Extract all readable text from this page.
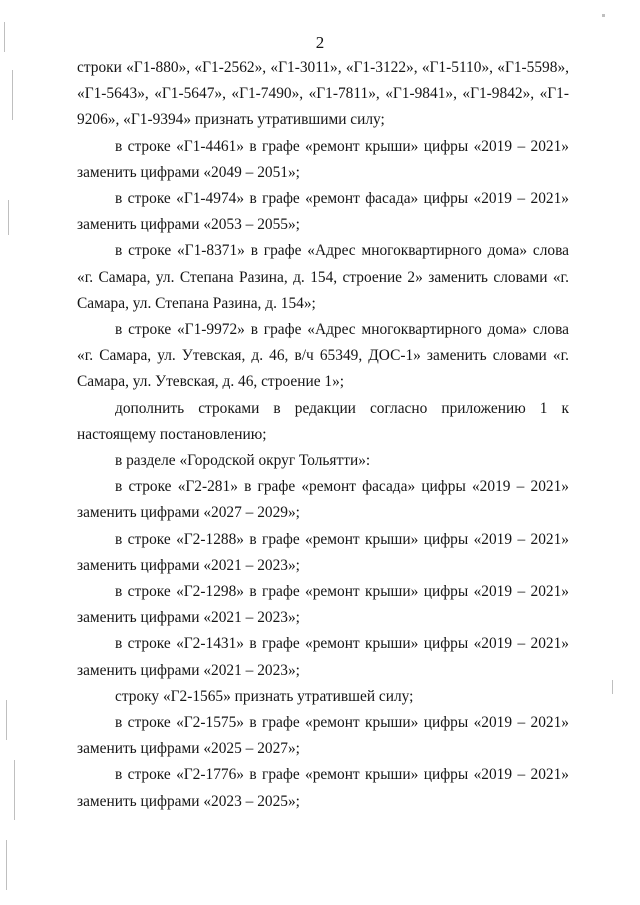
2

строки «Г1-880», «Г1-2562», «Г1-3011», «Г1-3122», «Г1-5110», «Г1-5598», «Г1-5643», «Г1-5647», «Г1-7490», «Г1-7811», «Г1-9841», «Г1-9842», «Г1-9206», «Г1-9394» признать утратившими силу;

в строке «Г1-4461» в графе «ремонт крыши» цифры «2019 – 2021» заменить цифрами «2049 – 2051»;

в строке «Г1-4974» в графе «ремонт фасада» цифры «2019 – 2021» заменить цифрами «2053 – 2055»;

в строке «Г1-8371» в графе «Адрес многоквартирного дома» слова «г. Самара, ул. Степана Разина, д. 154, строение 2» заменить словами «г. Самара, ул. Степана Разина, д. 154»;

в строке «Г1-9972» в графе «Адрес многоквартирного дома» слова «г. Самара, ул. Утевская, д. 46, в/ч 65349, ДОС-1» заменить словами «г. Самара, ул. Утевская, д. 46, строение 1»;

дополнить строками в редакции согласно приложению 1 к настоящему постановлению;

в разделе «Городской округ Тольятти»:

в строке «Г2-281» в графе «ремонт фасада» цифры «2019 – 2021» заменить цифрами «2027 – 2029»;

в строке «Г2-1288» в графе «ремонт крыши» цифры «2019 – 2021» заменить цифрами «2021 – 2023»;

в строке «Г2-1298» в графе «ремонт крыши» цифры «2019 – 2021» заменить цифрами «2021 – 2023»;

в строке «Г2-1431» в графе «ремонт крыши» цифры «2019 – 2021» заменить цифрами «2021 – 2023»;

строку «Г2-1565» признать утратившей силу;

в строке «Г2-1575» в графе «ремонт крыши» цифры «2019 – 2021» заменить цифрами «2025 – 2027»;

в строке «Г2-1776» в графе «ремонт крыши» цифры «2019 – 2021» заменить цифрами «2023 – 2025»;
